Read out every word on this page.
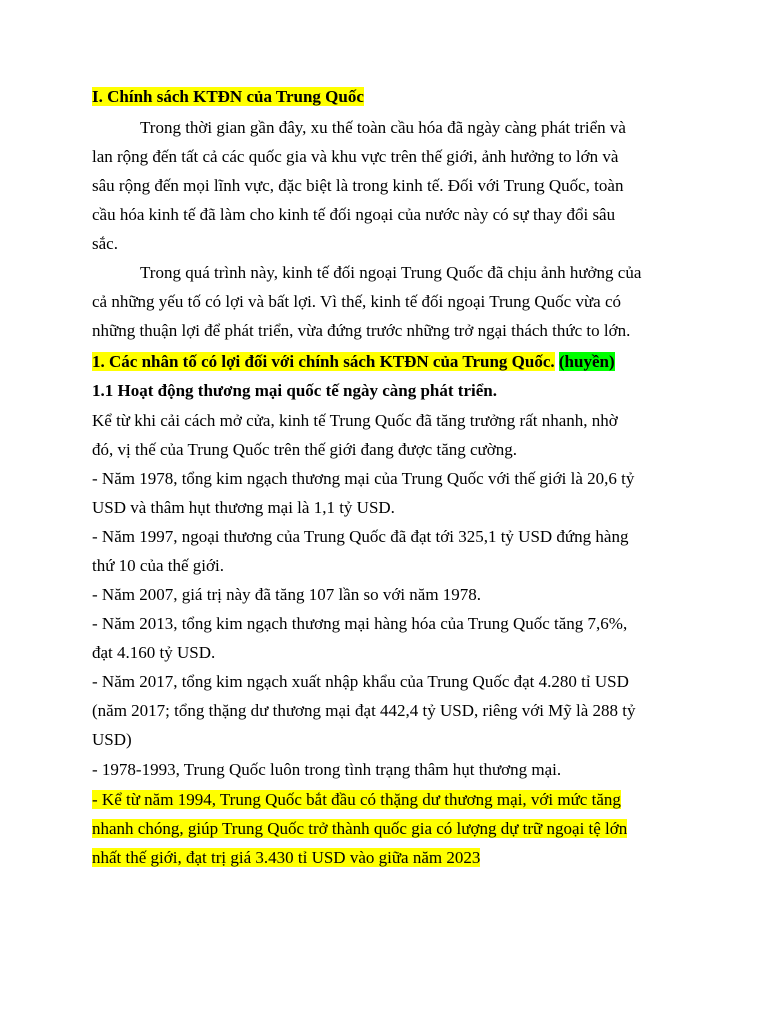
I. Chính sách KTĐN của Trung Quốc
Trong thời gian gần đây, xu thế toàn cầu hóa đã ngày càng phát triển và
lan rộng đến tất cả các quốc gia và khu vực trên thế giới, ảnh hưởng to lớn và
sâu rộng đến mọi lĩnh vực, đặc biệt là trong kinh tế. Đối với Trung Quốc, toàn
cầu hóa kinh tế đã làm cho kinh tế đối ngoại của nước này có sự thay đổi sâu
sắc.
Trong quá trình này, kinh tế đối ngoại Trung Quốc đã chịu ảnh hưởng của
cả những yếu tố có lợi và bất lợi. Vì thế, kinh tế đối ngoại Trung Quốc vừa có
những thuận lợi để phát triển, vừa đứng trước những trở ngại thách thức to lớn.
1. Các nhân tố có lợi đối với chính sách KTĐN của Trung Quốc. (huyền)
1.1 Hoạt động thương mại quốc tế ngày càng phát triển.
Kể từ khi cải cách mở cửa, kinh tế Trung Quốc đã tăng trưởng rất nhanh, nhờ
đó, vị thế của Trung Quốc trên thế giới đang được tăng cường.
- Năm 1978, tổng kim ngạch thương mại của Trung Quốc với thế giới là 20,6 tỷ
USD và thâm hụt thương mại là 1,1 tỷ USD.
- Năm 1997, ngoại thương của Trung Quốc đã đạt tới 325,1 tỷ USD đứng hàng
thứ 10 của thế giới.
- Năm 2007, giá trị này đã tăng 107 lần so với năm 1978.
- Năm 2013, tổng kim ngạch thương mại hàng hóa của Trung Quốc tăng 7,6%,
đạt 4.160 tỷ USD.
- Năm 2017, tổng kim ngạch xuất nhập khẩu của Trung Quốc đạt 4.280 tỉ USD
(năm 2017; tổng thặng dư thương mại đạt 442,4 tỷ USD, riêng với Mỹ là 288 tỷ
USD)
- 1978-1993, Trung Quốc luôn trong tình trạng thâm hụt thương mại.
- Kể từ năm 1994, Trung Quốc bắt đầu có thặng dư thương mại, với mức tăng
nhanh chóng, giúp Trung Quốc trở thành quốc gia có lượng dự trữ ngoại tệ lớn
nhất thế giới, đạt trị giá 3.430 tỉ USD vào giữa năm 2023
